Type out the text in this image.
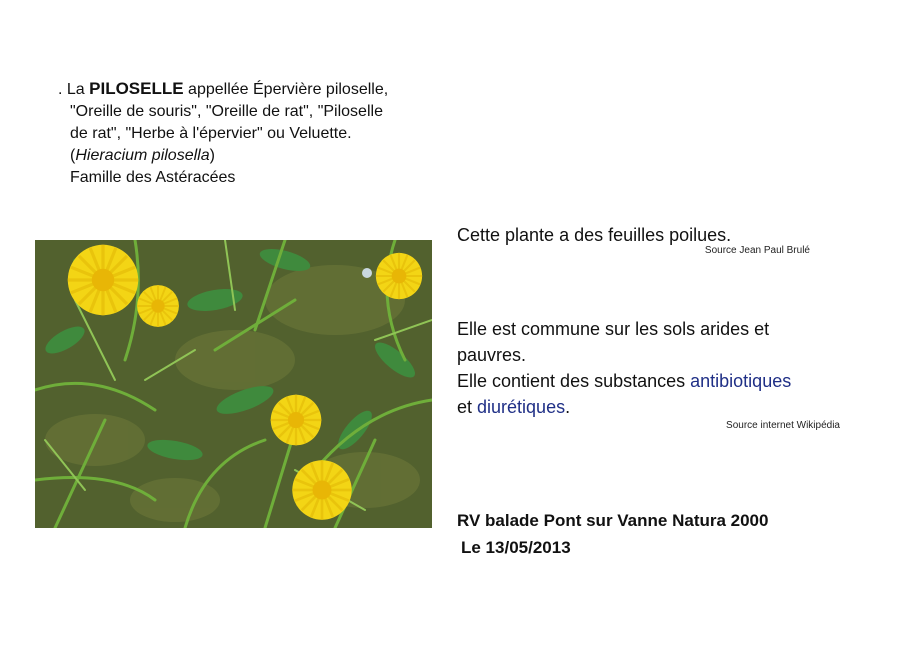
. La PILOSELLE appellée Épervière piloselle,
"Oreille de souris", "Oreille de rat", "Piloselle
de rat", "Herbe à l'épervier" ou Veluette.
(Hieracium pilosella)
Famille des Astéracées
Cette plante a des feuilles poilues.
Source Jean Paul Brulé
Elle est commune sur les sols arides et
pauvres.
Elle contient des substances antibiotiques
et diurétiques.
Source internet Wikipédia
RV balade Pont sur Vanne Natura 2000
Le 13/05/2013
